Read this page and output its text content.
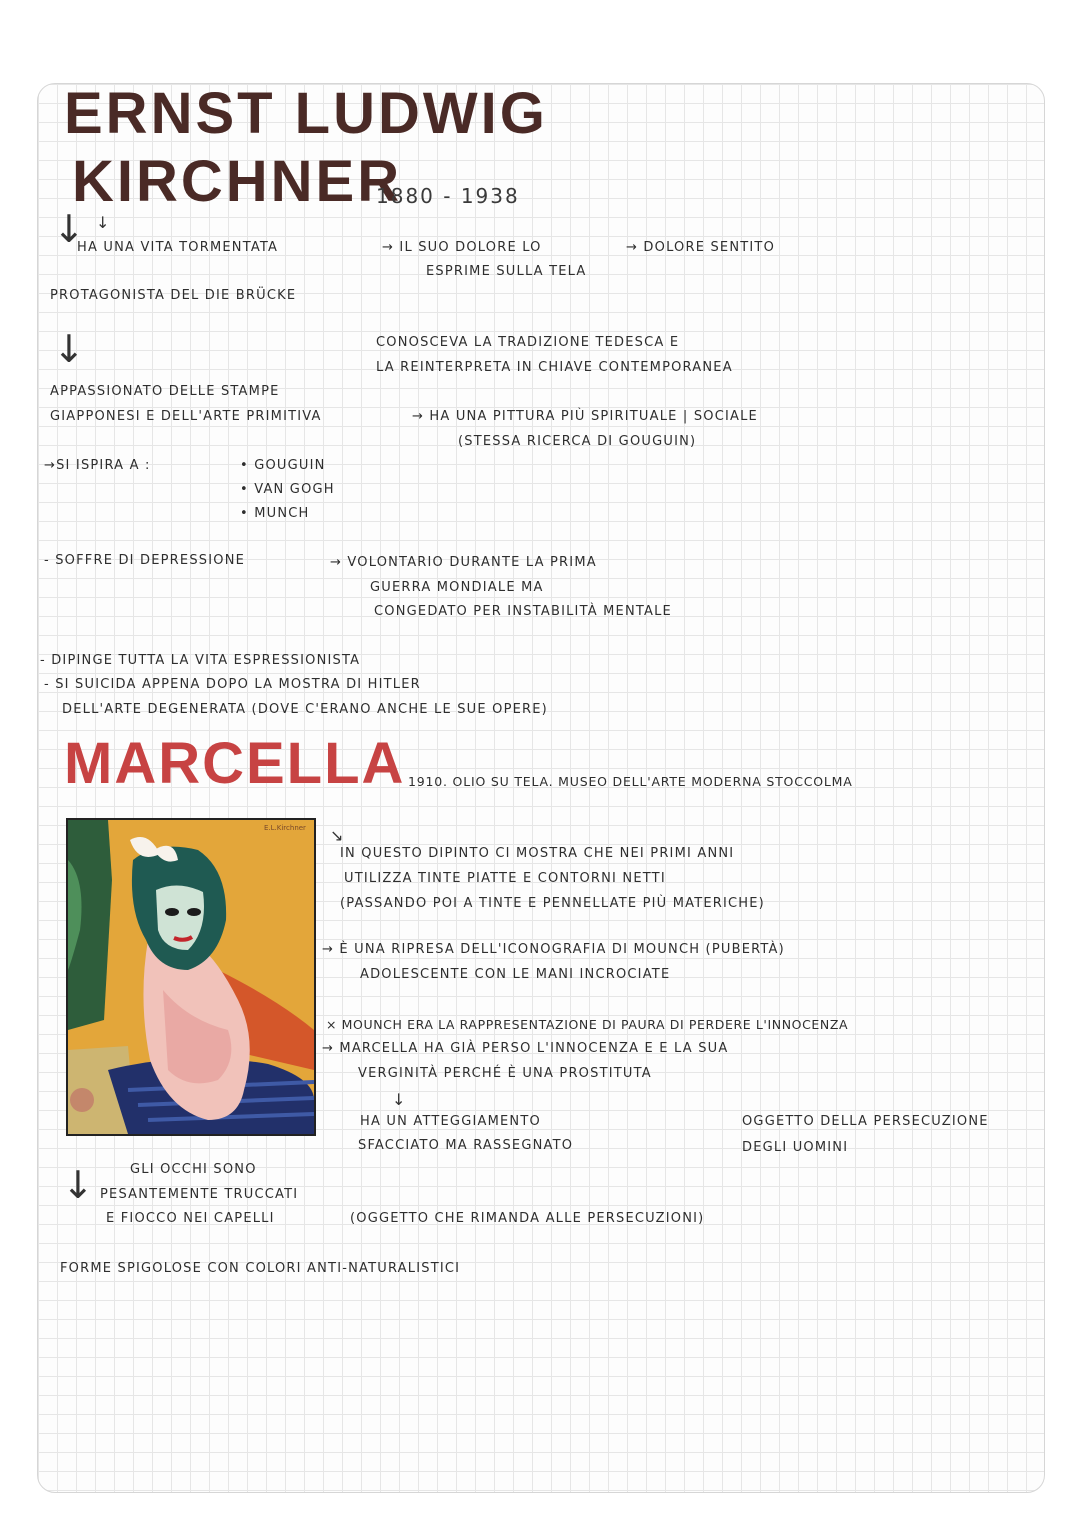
ERNST LUDWIG
KIRCHNER
1880 - 1938
↓ ↓
HA UNA VITA TORMENTATA	→ IL SUO DOLORE LO
ESPRIME SULLA TELA
→ DOLORE SENTITO
PROTAGONISTA DEL DIE BRÜCKE
↓	CONOSCEVA LA TRADIZIONE TEDESCA E
LA REINTERPRETA IN CHIAVE CONTEMPORANEA
APPASSIONATO DELLE STAMPE
GIAPPONESI E DELL'ARTE PRIMITIVA	→ HA UNA PITTURA PIÙ SPIRITUALE | SOCIALE
(STESSA RICERCA DI GOUGUIN)
→SI ISPIRA A :	• GOUGUIN
• VAN GOGH
• MUNCH
- SOFFRE DI DEPRESSIONE	→ VOLONTARIO DURANTE LA PRIMA
GUERRA MONDIALE MA
CONGEDATO PER INSTABILITÀ MENTALE
- DIPINGE TUTTA LA VITA ESPRESSIONISTA
- SI SUICIDA APPENA DOPO LA MOSTRA DI HITLER
DELL'ARTE DEGENERATA (DOVE C'ERANO ANCHE LE SUE OPERE)
MARCELLA 1910. OLIO SU TELA. MUSEO DELL'ARTE MODERNA STOCCOLMA
E.L.Kirchner ↘
IN QUESTO DIPINTO CI MOSTRA CHE NEI PRIMI ANNI
UTILIZZA TINTE PIATTE E CONTORNI NETTI
(PASSANDO POI A TINTE E PENNELLATE PIÙ MATERICHE)
→ È UNA RIPRESA DELL'ICONOGRAFIA DI MOUNCH (PUBERTÀ)
ADOLESCENTE CON LE MANI INCROCIATE
× MOUNCH ERA LA RAPPRESENTAZIONE DI PAURA DI PERDERE L'INNOCENZA
→ MARCELLA HA GIÀ PERSO L'INNOCENZA E E LA SUA
VERGINITÀ PERCHÉ È UNA PROSTITUTA
↓
HA UN ATTEGGIAMENTO
SFACCIATO MA RASSEGNATO
OGGETTO DELLA PERSECUZIONE
DEGLI UOMINI
↓	GLI OCCHI SONO
PESANTEMENTE TRUCCATI
E FIOCCO NEI CAPELLI	(OGGETTO CHE RIMANDA ALLE PERSECUZIONI)
FORME SPIGOLOSE CON COLORI ANTI-NATURALISTICI
